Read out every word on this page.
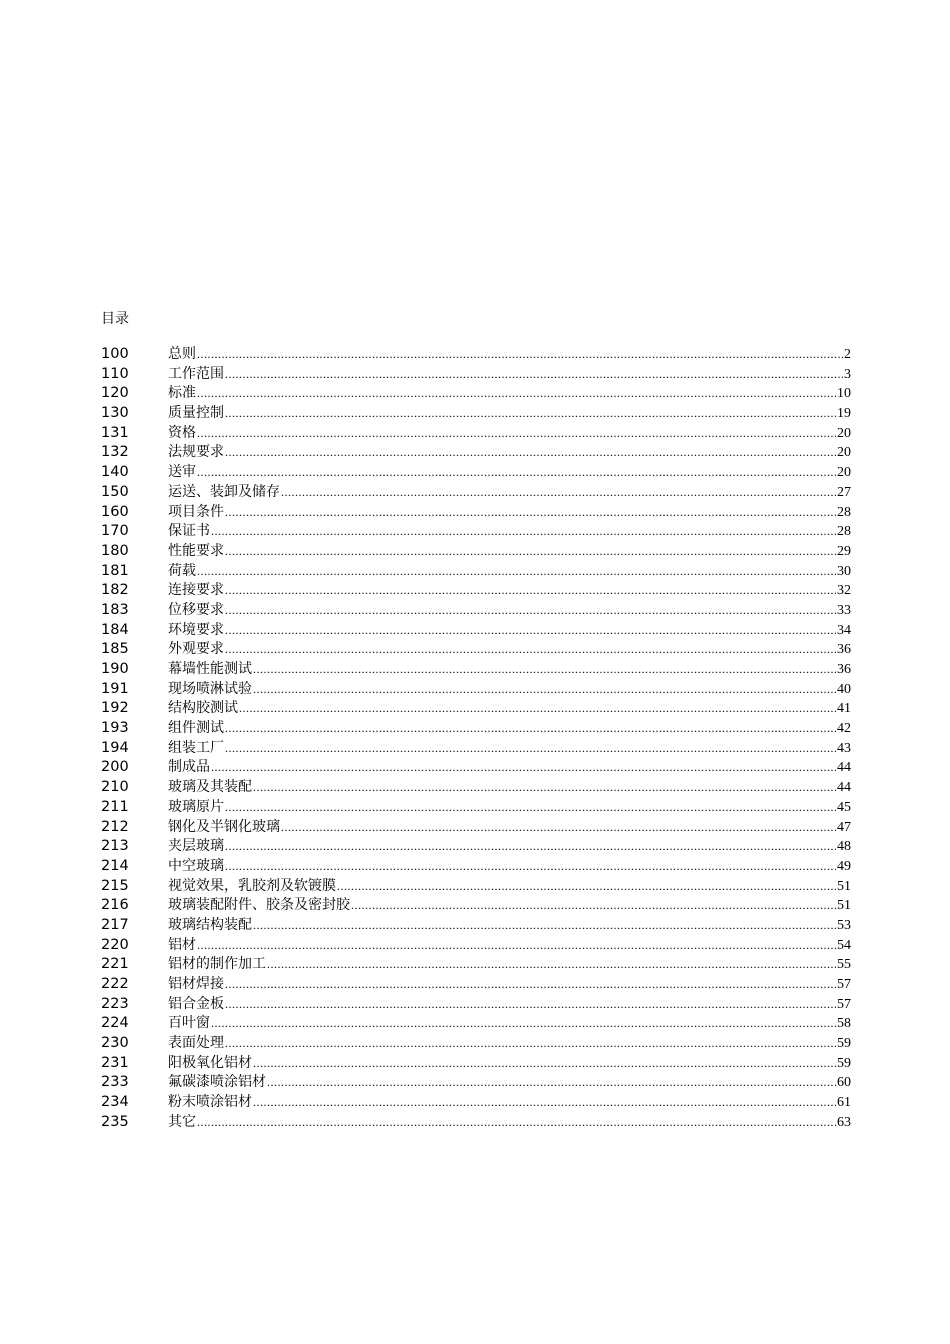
目录
100	总则 .....	2
110	工作范围 .....	3
120	标准 .....	10
130	质量控制 .....	19
131	资格 .....	20
132	法规要求 .....	20
140	送审 .....	20
150	运送、装卸及储存 .....	27
160	项目条件 .....	28
170	保证书 .....	28
180	性能要求 .....	29
181	荷载 .....	30
182	连接要求 .....	32
183	位移要求 .....	33
184	环境要求 .....	34
185	外观要求 .....	36
190	幕墙性能测试 .....	36
191	现场喷淋试验 .....	40
192	结构胶测试 .....	41
193	组件测试 .....	42
194	组装工厂 .....	43
200	制成品 .....	44
210	玻璃及其装配 .....	44
211	玻璃原片 .....	45
212	钢化及半钢化玻璃 .....	47
213	夹层玻璃 .....	48
214	中空玻璃 .....	49
215	视觉效果，乳胶剂及软镀膜 .....	51
216	玻璃装配附件、胶条及密封胶 .....	51
217	玻璃结构装配 .....	53
220	铝材 .....	54
221	铝材的制作加工 .....	55
222	铝材焊接 .....	57
223	铝合金板 .....	57
224	百叶窗 .....	58
230	表面处理 .....	59
231	阳极氧化铝材 .....	59
233	氟碳漆喷涂铝材 .....	60
234	粉末喷涂铝材 .....	61
235	其它 .....	63
